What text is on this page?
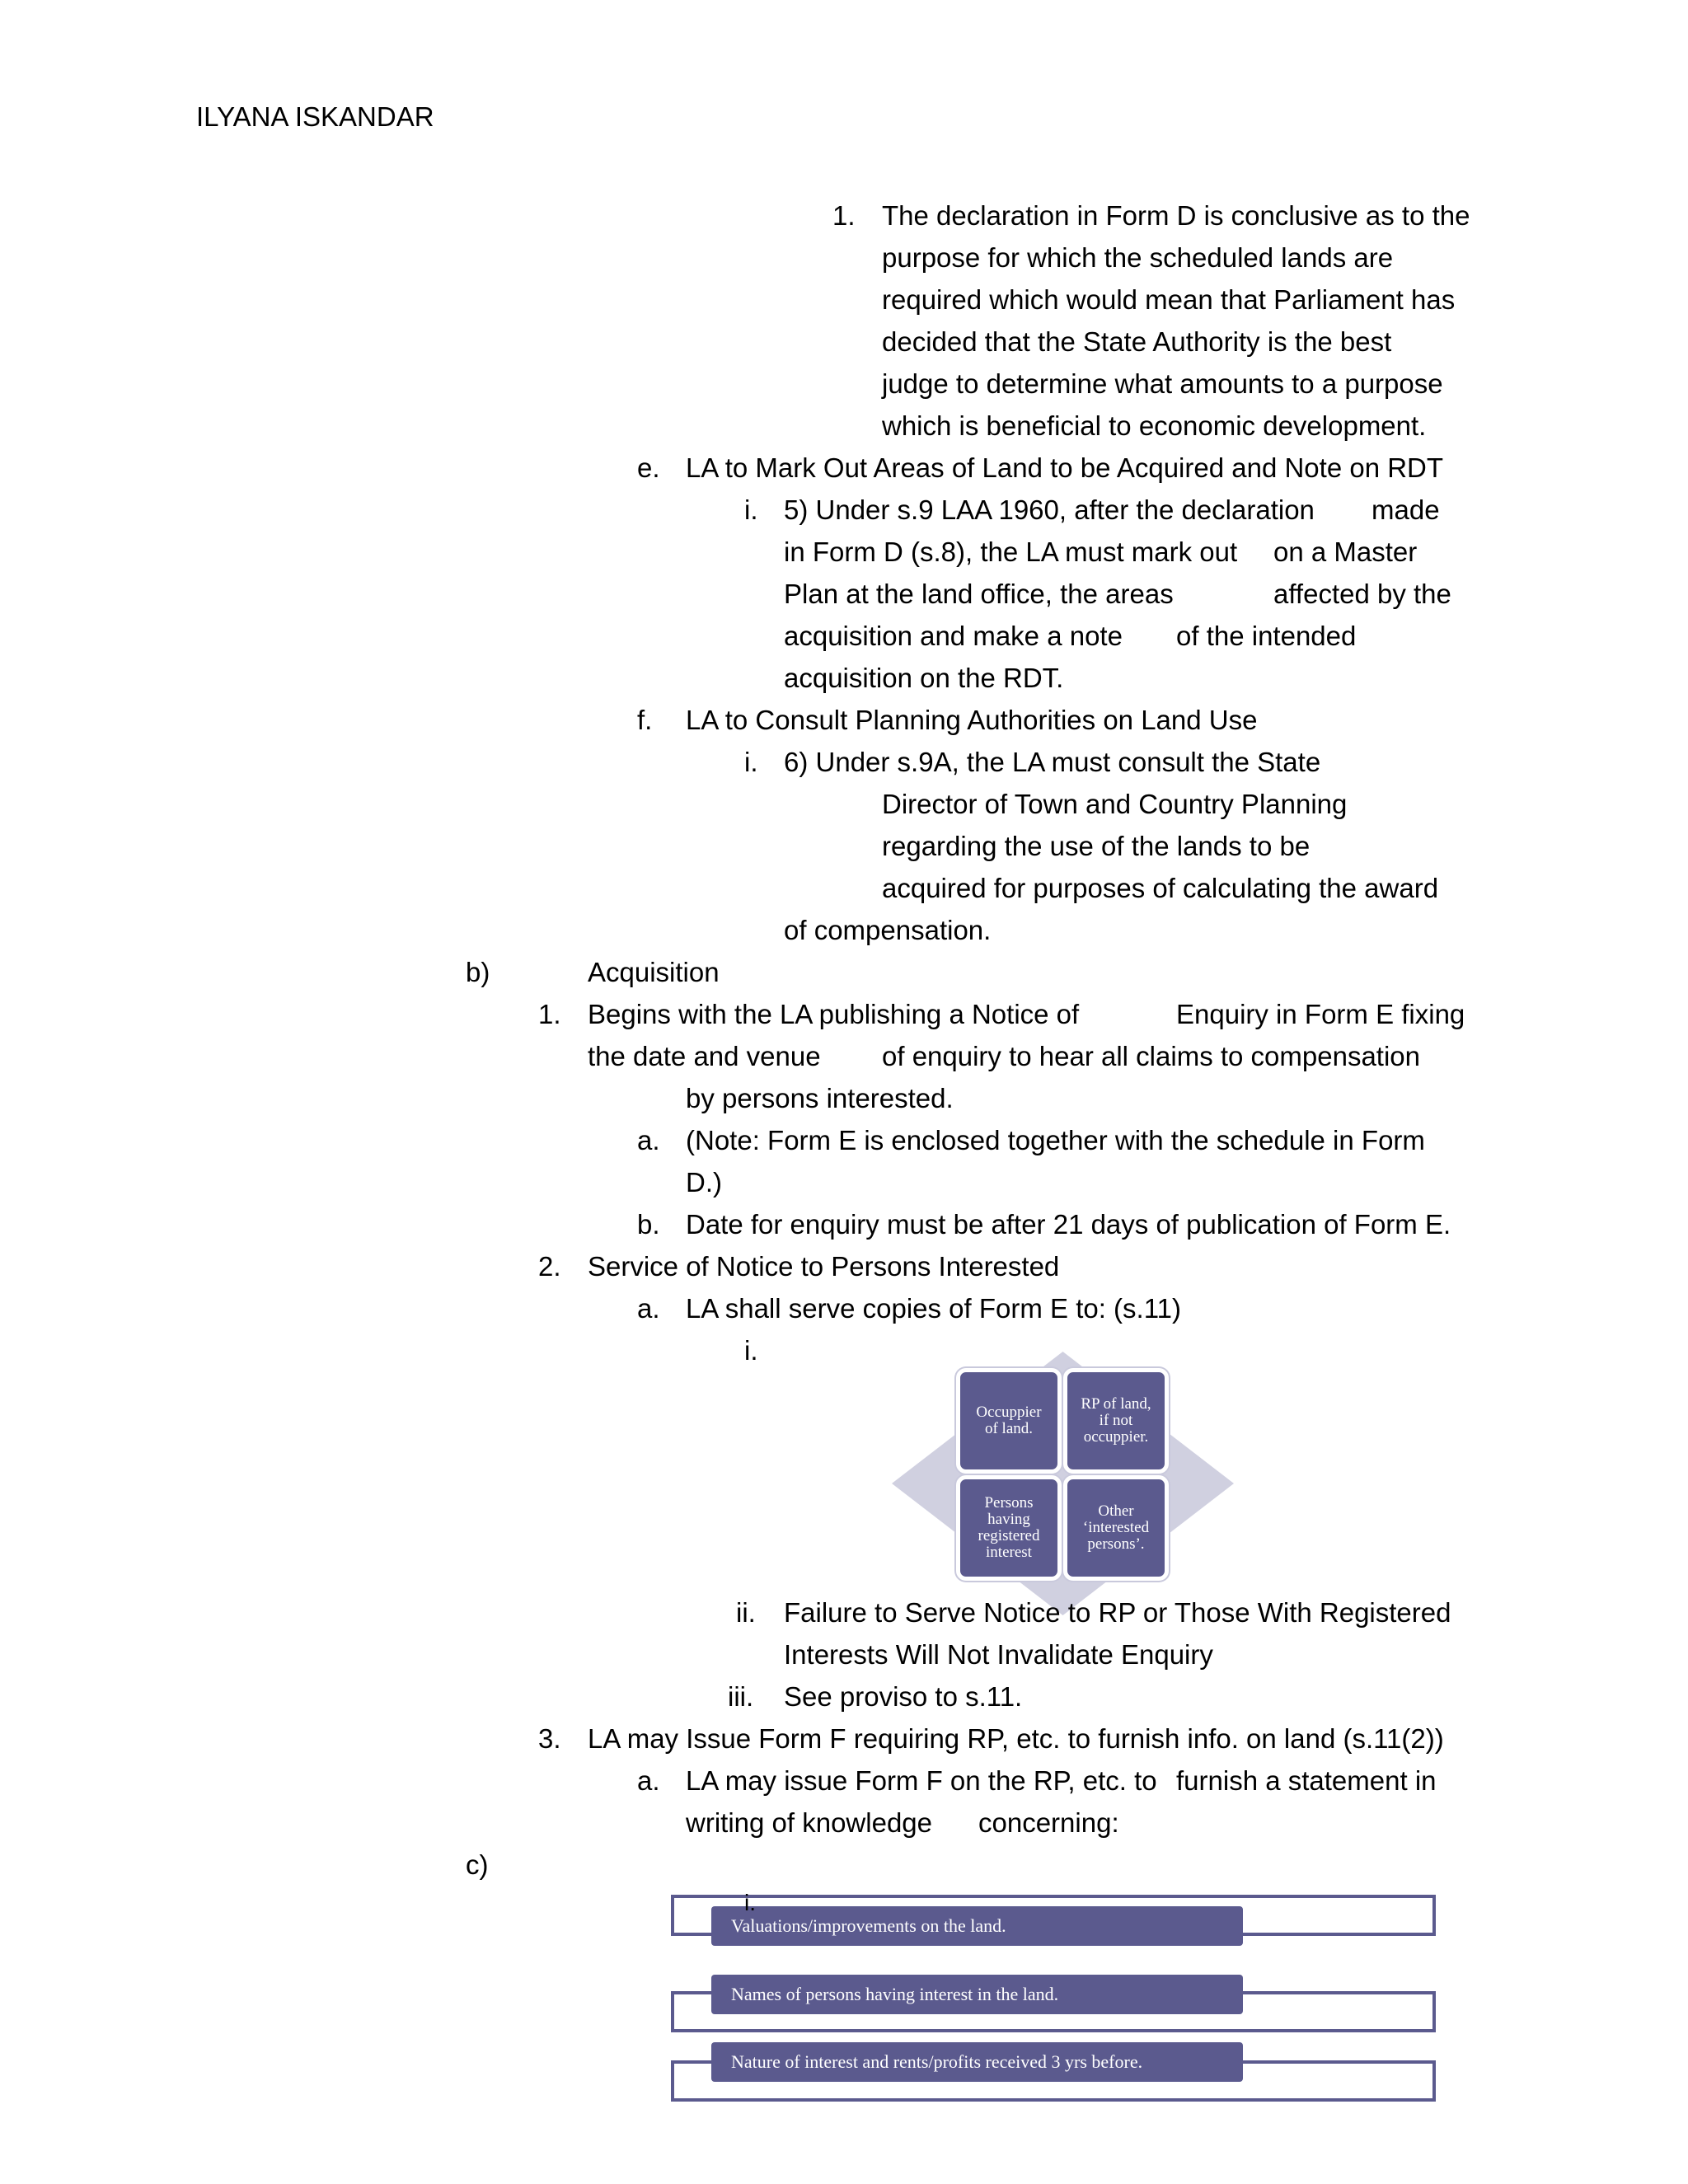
ILYANA ISKANDAR
1. The declaration in Form D is conclusive as to the
purpose for which the scheduled lands are
required which would mean that Parliament has
decided that the State Authority is the best
judge to determine what amounts to a purpose
which is beneficial to economic development.
e. LA to Mark Out Areas of Land to be Acquired and Note on RDT
i. 5) Under s.9 LAA 1960, after the declaration made
in Form D (s.8), the LA must mark out on a Master
Plan at the land office, the areas	affected by the
acquisition and make a note of the intended
acquisition on the RDT.
f. LA to Consult Planning Authorities on Land Use
i. 6) Under s.9A, the LA must consult the State
Director of Town and Country Planning
regarding the use of the lands to be
acquired for purposes of calculating the award
of compensation.
b)	Acquisition
1. Begins with the LA publishing a Notice of	Enquiry in Form E fixing
the date and venue of enquiry to hear all claims to compensation
by persons interested.
a. (Note: Form E is enclosed together with the schedule in Form
D.)
b. Date for enquiry must be after 21 days of publication of Form E.
2. Service of Notice to Persons Interested
a. LA shall serve copies of Form E to: (s.11)
i.
Occuppier
of land.
RP of land,
if not
occuppier.
Persons
having
registered
interest
Other
‘interested
persons’.
ii. Failure to Serve Notice to RP or Those With Registered
Interests Will Not Invalidate Enquiry
iii. See proviso to s.11.
3. LA may Issue Form F requiring RP, etc. to furnish info. on land (s.11(2))
a. LA may issue Form F on the RP, etc. to furnish a statement in
writing of knowledge concerning:
c)
Valuations/improvements on the land.
Names of persons having interest in the land.
Nature of interest and rents/profits received 3 yrs before.
i.
